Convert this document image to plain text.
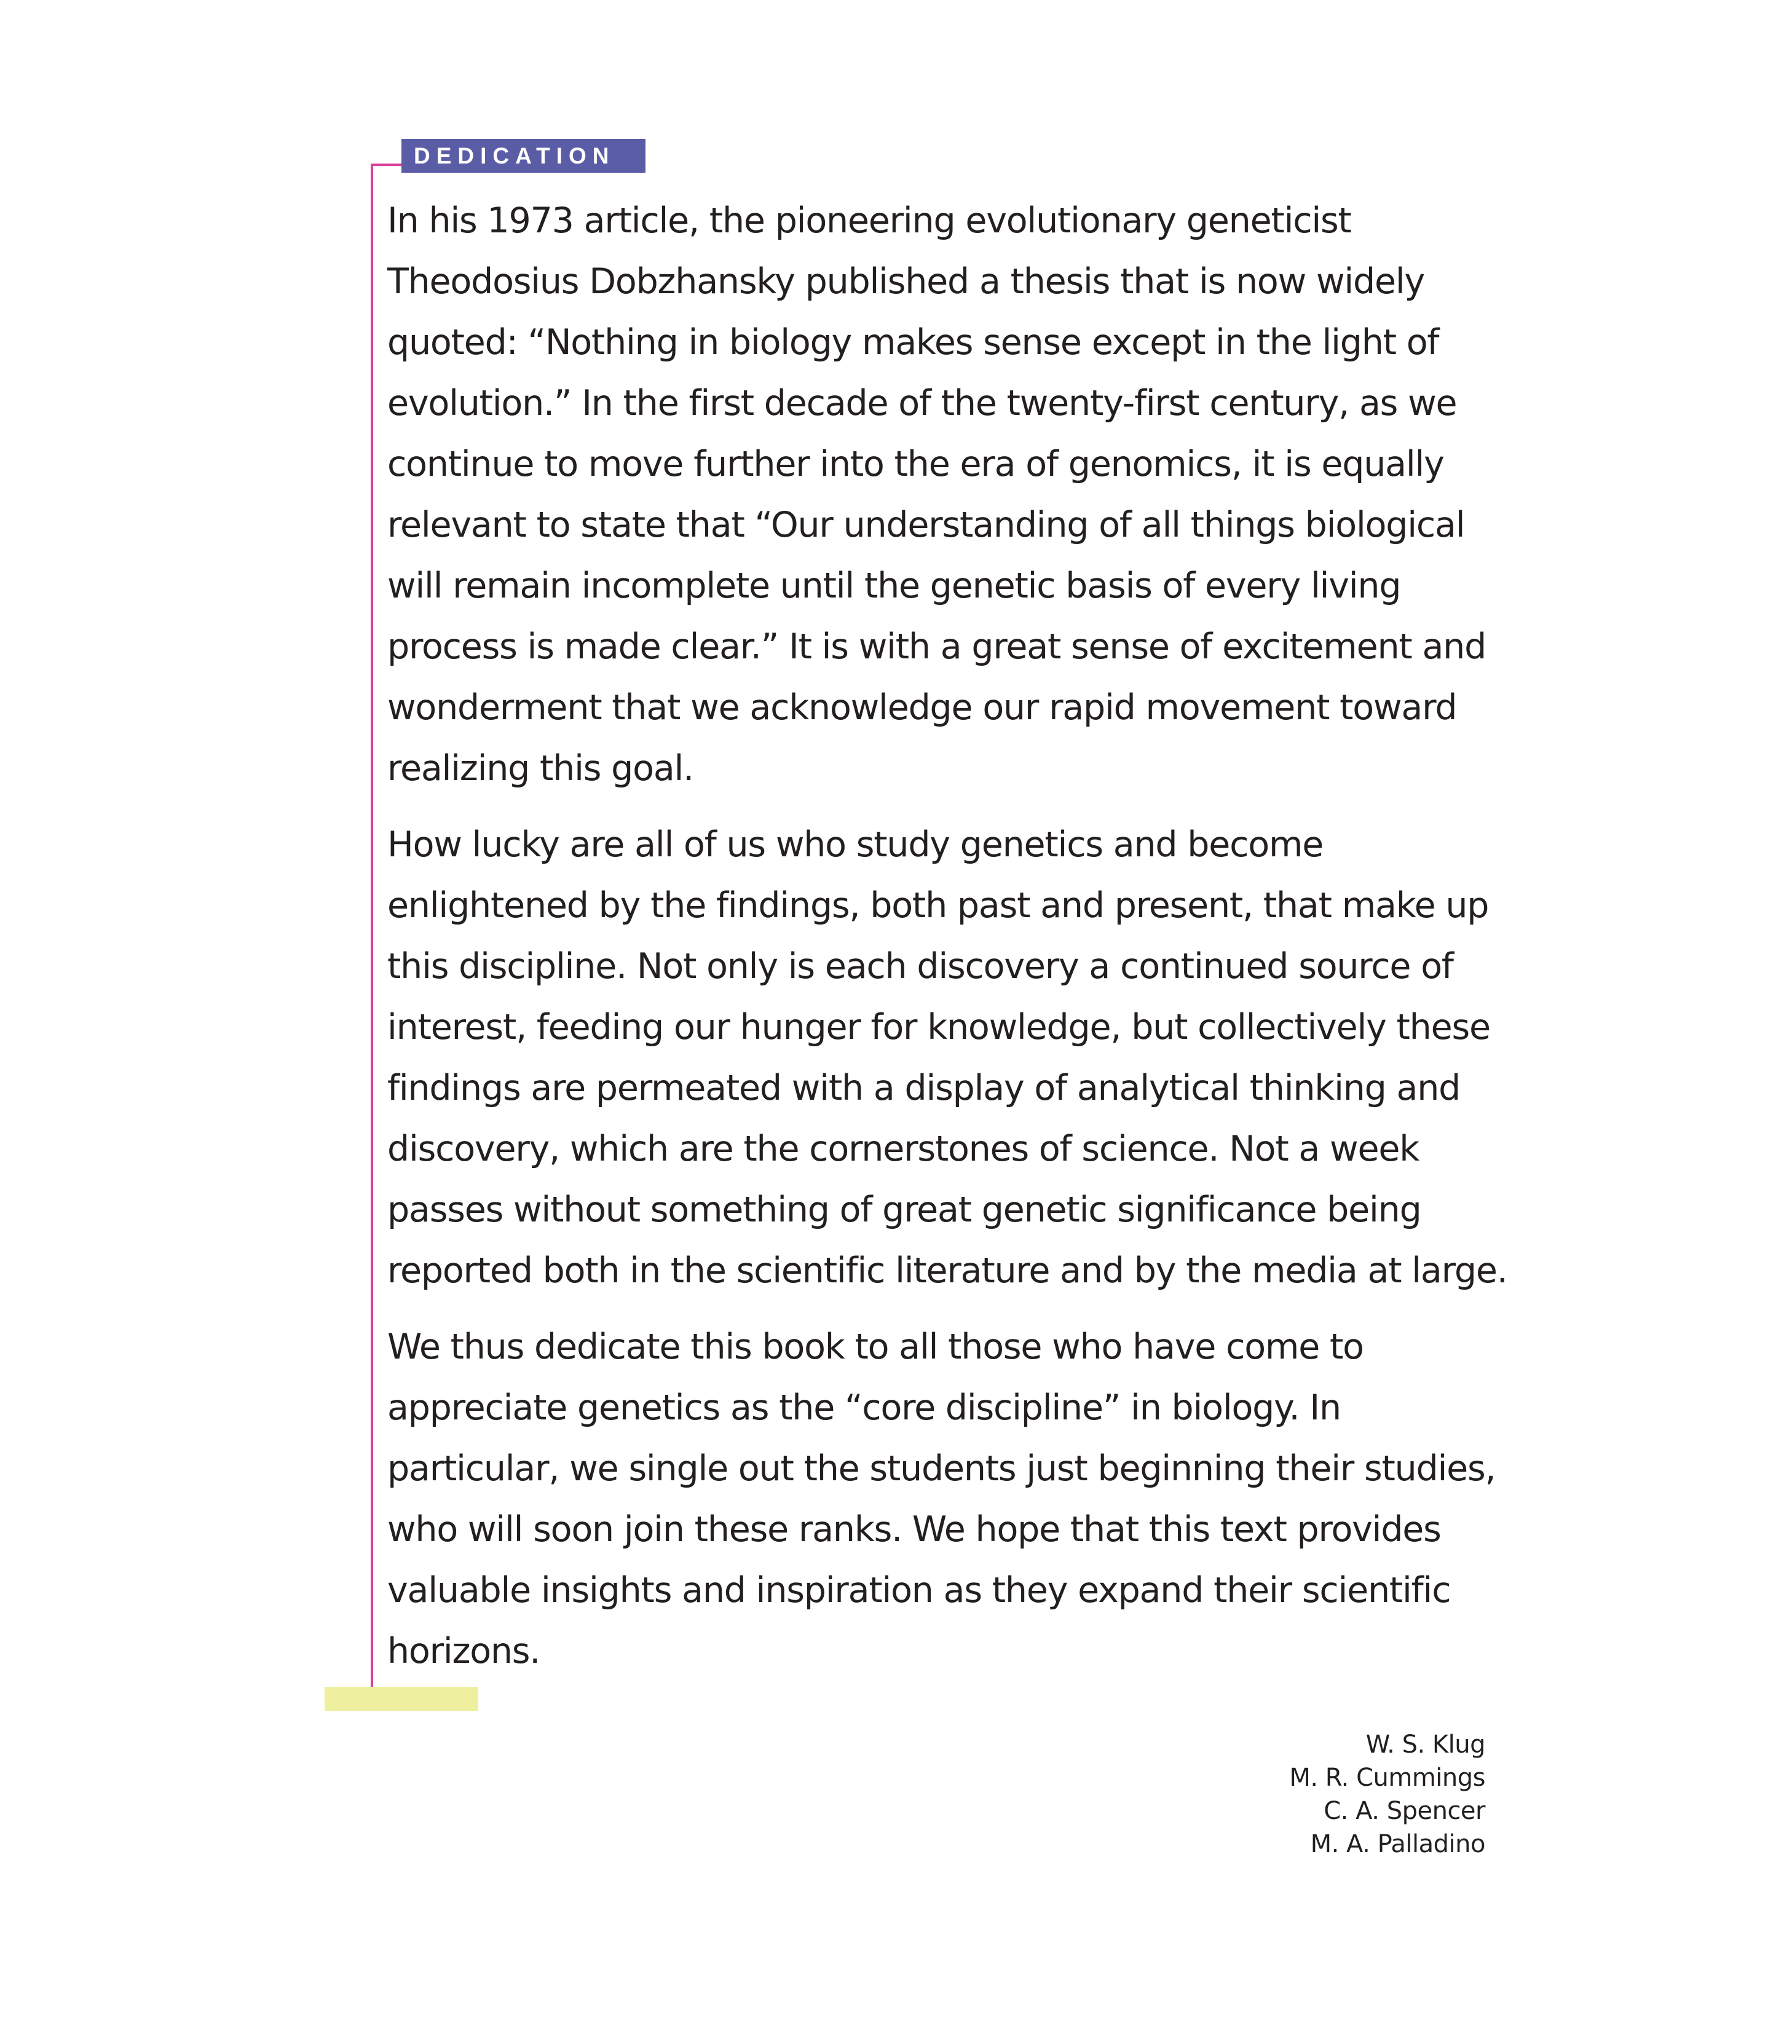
DEDICATION

In his 1973 article, the pioneering evolutionary geneticist
Theodosius Dobzhansky published a thesis that is now widely
quoted: “Nothing in biology makes sense except in the light of
evolution.” In the first decade of the twenty-first century, as we
continue to move further into the era of genomics, it is equally
relevant to state that “Our understanding of all things biological
will remain incomplete until the genetic basis of every living
process is made clear.” It is with a great sense of excitement and
wonderment that we acknowledge our rapid movement toward
realizing this goal.

How lucky are all of us who study genetics and become
enlightened by the findings, both past and present, that make up
this discipline. Not only is each discovery a continued source of
interest, feeding our hunger for knowledge, but collectively these
findings are permeated with a display of analytical thinking and
discovery, which are the cornerstones of science. Not a week
passes without something of great genetic significance being
reported both in the scientific literature and by the media at large.

We thus dedicate this book to all those who have come to
appreciate genetics as the “core discipline” in biology. In
particular, we single out the students just beginning their studies,
who will soon join these ranks. We hope that this text provides
valuable insights and inspiration as they expand their scientific
horizons.

W. S. Klug
M. R. Cummings
C. A. Spencer
M. A. Palladino
